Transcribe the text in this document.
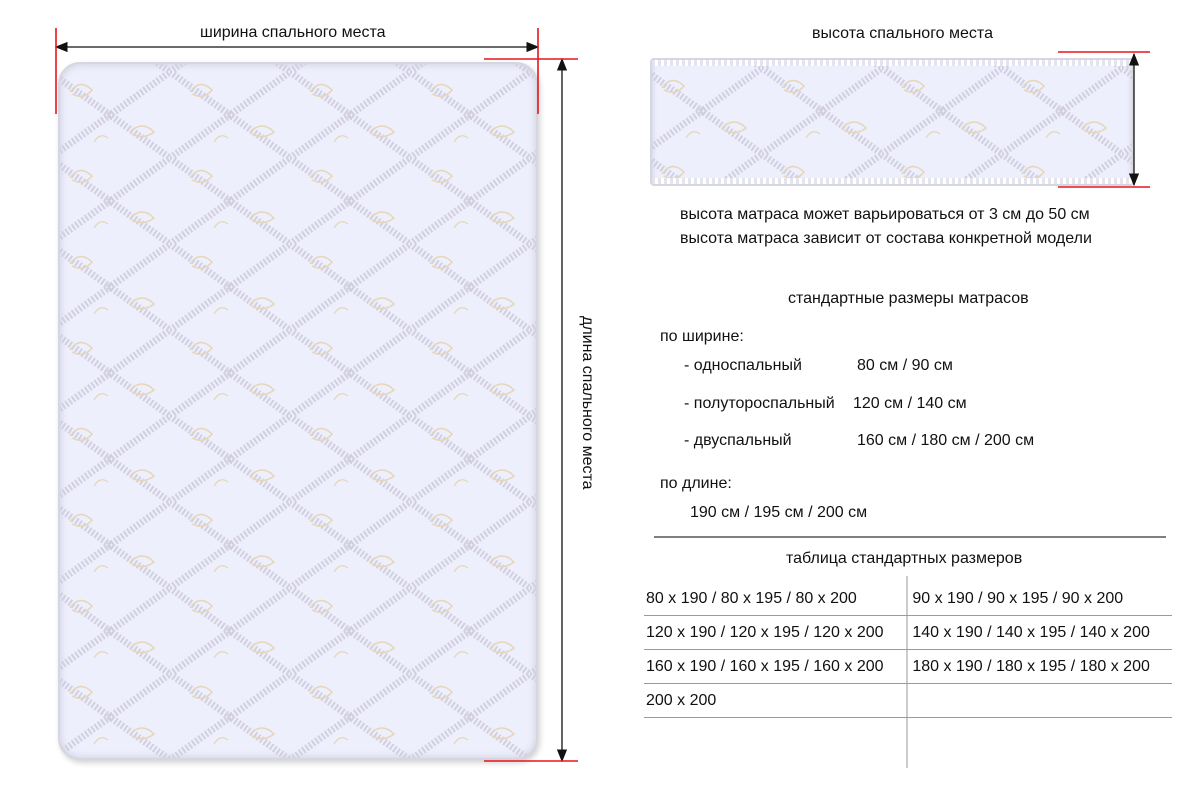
ширина спального места
длина спального места
высота спального места
высота матраса может варьироваться от 3 см до 50 см
высота матраса зависит от состава конкретной модели
стандартные размеры матрасов
по ширине:
- односпальный	80 см / 90 см
- полутороспальный 120 см / 140 см
- двуспальный	160 см / 180 см / 200 см
по длине:
190 см / 195 см / 200 см
таблица стандартных размеров
80 x 190 / 80 x 195 / 80 x 200	90 x 190 / 90 x 195 / 90 x 200
120 x 190 / 120 x 195 / 120 x 200	140 x 190 / 140 x 195 / 140 x 200
160 x 190 / 160 x 195 / 160 x 200	180 x 190 / 180 x 195 / 180 x 200
200 x 200	
